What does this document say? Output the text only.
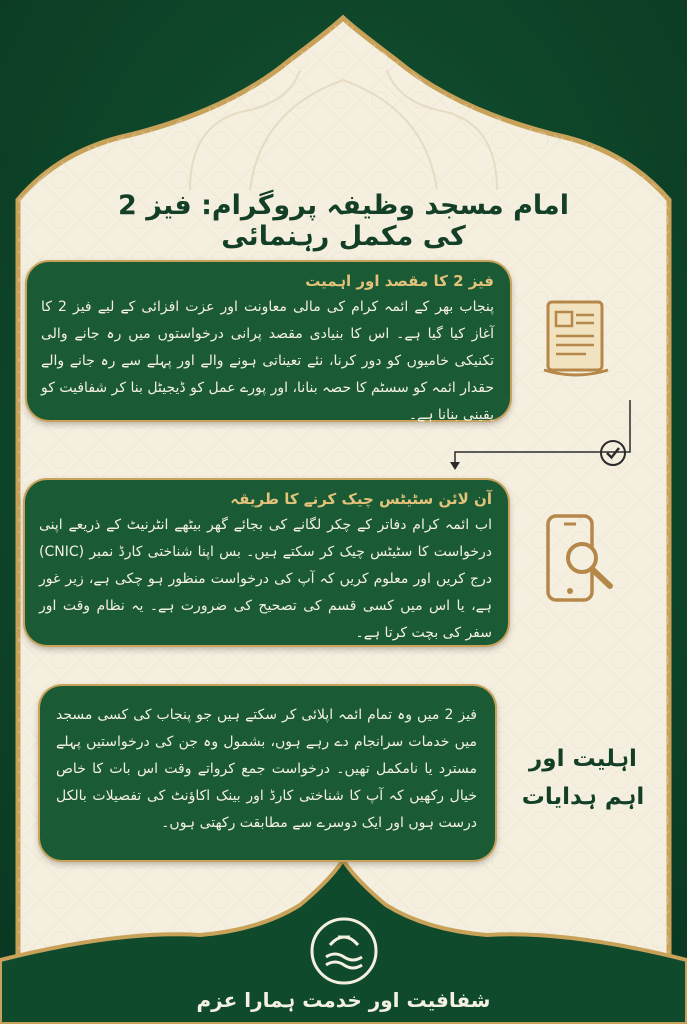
امام مسجد وظیفہ پروگرام: فیز 2 کی مکمل رہنمائی
فیز 2 کا مقصد اور اہمیت
پنجاب بھر کے ائمہ کرام کی مالی معاونت اور عزت افزائی کے لیے فیز 2 کا آغاز کیا گیا ہے۔ اس کا بنیادی مقصد پرانی درخواستوں میں رہ جانے والی تکنیکی خامیوں کو دور کرنا، نئے تعیناتی ہونے والے اور پہلے سے رہ جانے والے حقدار ائمہ کو سسٹم کا حصہ بنانا، اور پورے عمل کو ڈیجیٹل بنا کر شفافیت کو یقینی بنانا ہے۔
آن لائن سٹیٹس چیک کرنے کا طریقہ
اب ائمہ کرام دفاتر کے چکر لگانے کی بجائے گھر بیٹھے انٹرنیٹ کے ذریعے اپنی درخواست کا سٹیٹس چیک کر سکتے ہیں۔ بس اپنا شناختی کارڈ نمبر (CNIC) درج کریں اور معلوم کریں کہ آپ کی درخواست منظور ہو چکی ہے، زیر غور ہے، یا اس میں کسی قسم کی تصحیح کی ضرورت ہے۔ یہ نظام وقت اور سفر کی بچت کرتا ہے۔
فیز 2 میں وہ تمام ائمہ اپلائی کر سکتے ہیں جو پنجاب کی کسی مسجد میں خدمات سرانجام دے رہے ہوں، بشمول وہ جن کی درخواستیں پہلے مسترد یا نامکمل تھیں۔ درخواست جمع کرواتے وقت اس بات کا خاص خیال رکھیں کہ آپ کا شناختی کارڈ اور بینک اکاؤنٹ کی تفصیلات بالکل درست ہوں اور ایک دوسرے سے مطابقت رکھتی ہوں۔
اہلیت اور اہم ہدایات
شفافیت اور خدمت ہمارا عزم
